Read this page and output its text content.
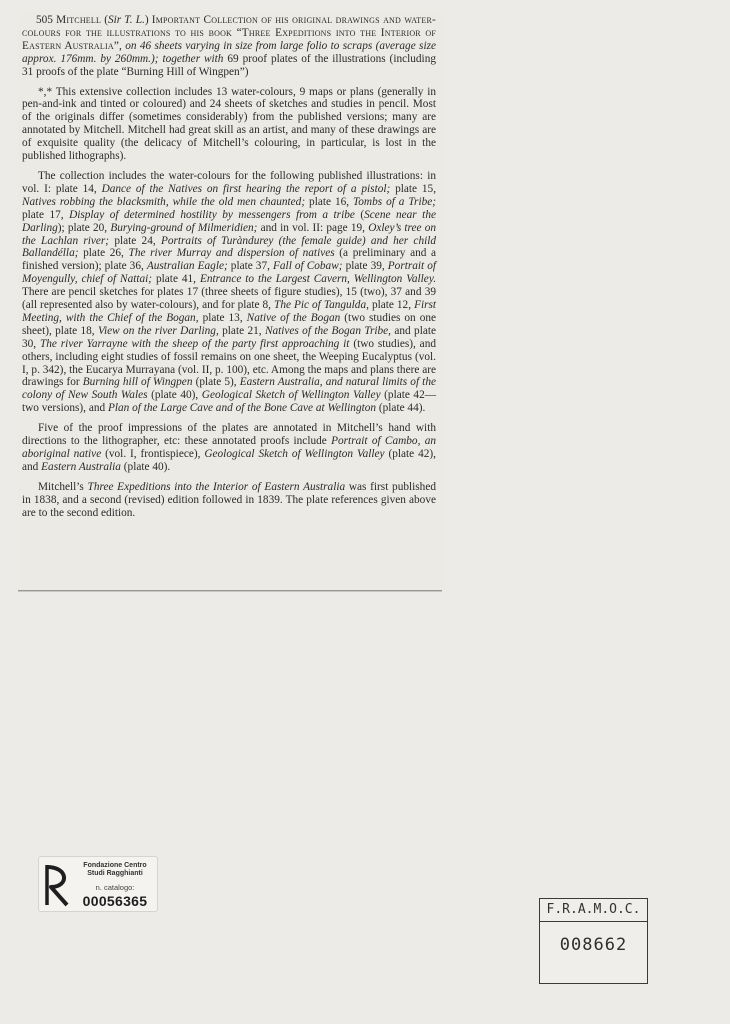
505 Mitchell (Sir T. L.) Important Collection of his original drawings and water-colours for the illustrations to his book “Three Expeditions into the Interior of Eastern Australia”, on 46 sheets varying in size from large folio to scraps (average size approx. 176mm. by 260mm.); together with 69 proof plates of the illustrations (including 31 proofs of the plate “Burning Hill of Wingpen”)

*,* This extensive collection includes 13 water-colours, 9 maps or plans (generally in pen-and-ink and tinted or coloured) and 24 sheets of sketches and studies in pencil. Most of the originals differ (sometimes considerably) from the published versions; many are annotated by Mitchell. Mitchell had great skill as an artist, and many of these drawings are of exquisite quality (the delicacy of Mitchell’s colouring, in particular, is lost in the published lithographs).

The collection includes the water-colours for the following published illustrations: in vol. I: plate 14, Dance of the Natives on first hearing the report of a pistol; plate 15, Natives robbing the blacksmith, while the old men chaunted; plate 16, Tombs of a Tribe; plate 17, Display of determined hostility by messengers from a tribe (Scene near the Darling); plate 20, Burying-ground of Milmeridien; and in vol. II: page 19, Oxley’s tree on the Lachlan river; plate 24, Portraits of Turàndurey (the female guide) and her child Ballandélla; plate 26, The river Murray and dispersion of natives (a preliminary and a finished version); plate 36, Australian Eagle; plate 37, Fall of Cobaw; plate 39, Portrait of Moyengully, chief of Nattai; plate 41, Entrance to the Largest Cavern, Wellington Valley. There are pencil sketches for plates 17 (three sheets of figure studies), 15 (two), 37 and 39 (all represented also by water-colours), and for plate 8, The Pic of Tangulda, plate 12, First Meeting, with the Chief of the Bogan, plate 13, Native of the Bogan (two studies on one sheet), plate 18, View on the river Darling, plate 21, Natives of the Bogan Tribe, and plate 30, The river Yarrayne with the sheep of the party first approaching it (two studies), and others, including eight studies of fossil remains on one sheet, the Weeping Eucalyptus (vol. I, p. 342), the Eucarya Murrayana (vol. II, p. 100), etc. Among the maps and plans there are drawings for Burning hill of Wingpen (plate 5), Eastern Australia, and natural limits of the colony of New South Wales (plate 40), Geological Sketch of Wellington Valley (plate 42—two versions), and Plan of the Large Cave and of the Bone Cave at Wellington (plate 44).

Five of the proof impressions of the plates are annotated in Mitchell’s hand with directions to the lithographer, etc: these annotated proofs include Portrait of Cambo, an aboriginal native (vol. I, frontispiece), Geological Sketch of Wellington Valley (plate 42), and Eastern Australia (plate 40).

Mitchell’s Three Expeditions into the Interior of Eastern Australia was first published in 1838, and a second (revised) edition followed in 1839. The plate references given above are to the second edition.

Fondazione Centro
Studi Ragghianti
n. catalogo:
00056365
F.R.A.M.O.C.
008662
